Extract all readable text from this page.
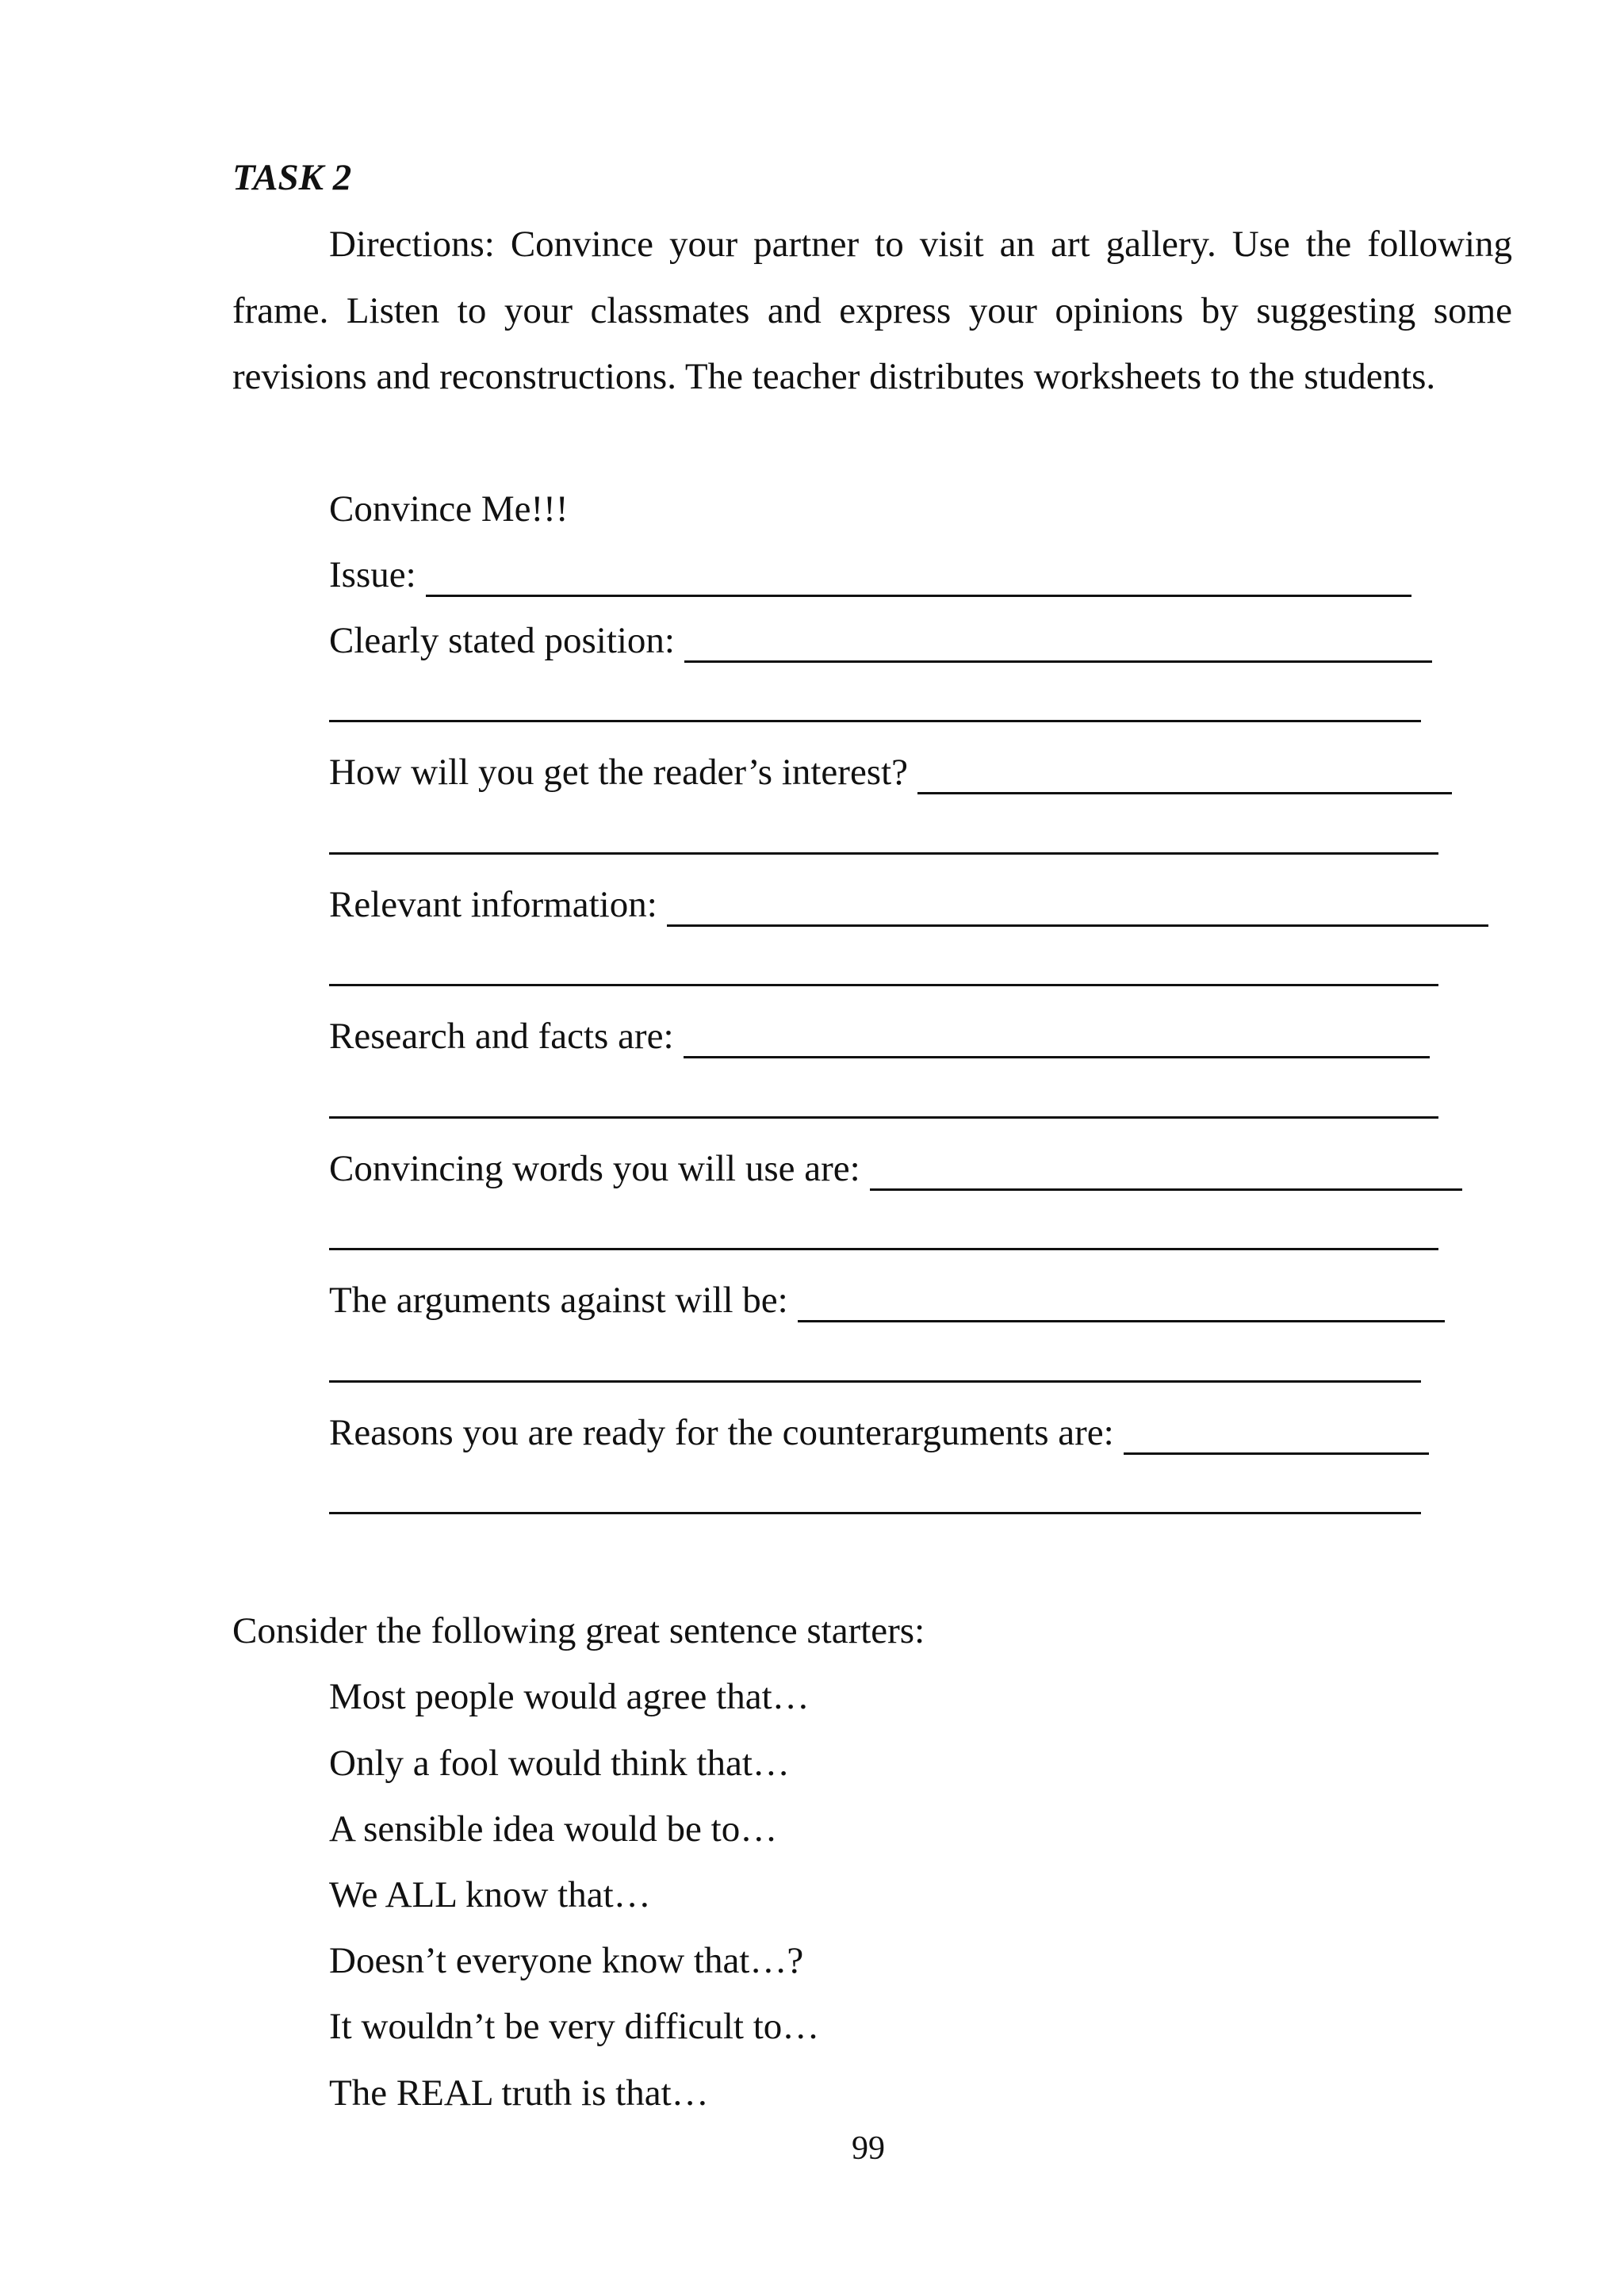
TASK 2
Directions: Convince your partner to visit an art gallery. Use the following
frame. Listen to your classmates and express your opinions by suggesting some
revisions and reconstructions. The teacher distributes worksheets to the students.
Convince Me!!!
Issue:
Clearly stated position:
How will you get the reader’s interest?
Relevant information:
Research and facts are:
Convincing words you will use are:
The arguments against will be:
Reasons you are ready for the counterarguments are:
Consider the following great sentence starters:
Most people would agree that…
Only a fool would think that…
A sensible idea would be to…
We ALL know that…
Doesn’t everyone know that…?
It wouldn’t be very difficult to…
The REAL truth is that…
99
